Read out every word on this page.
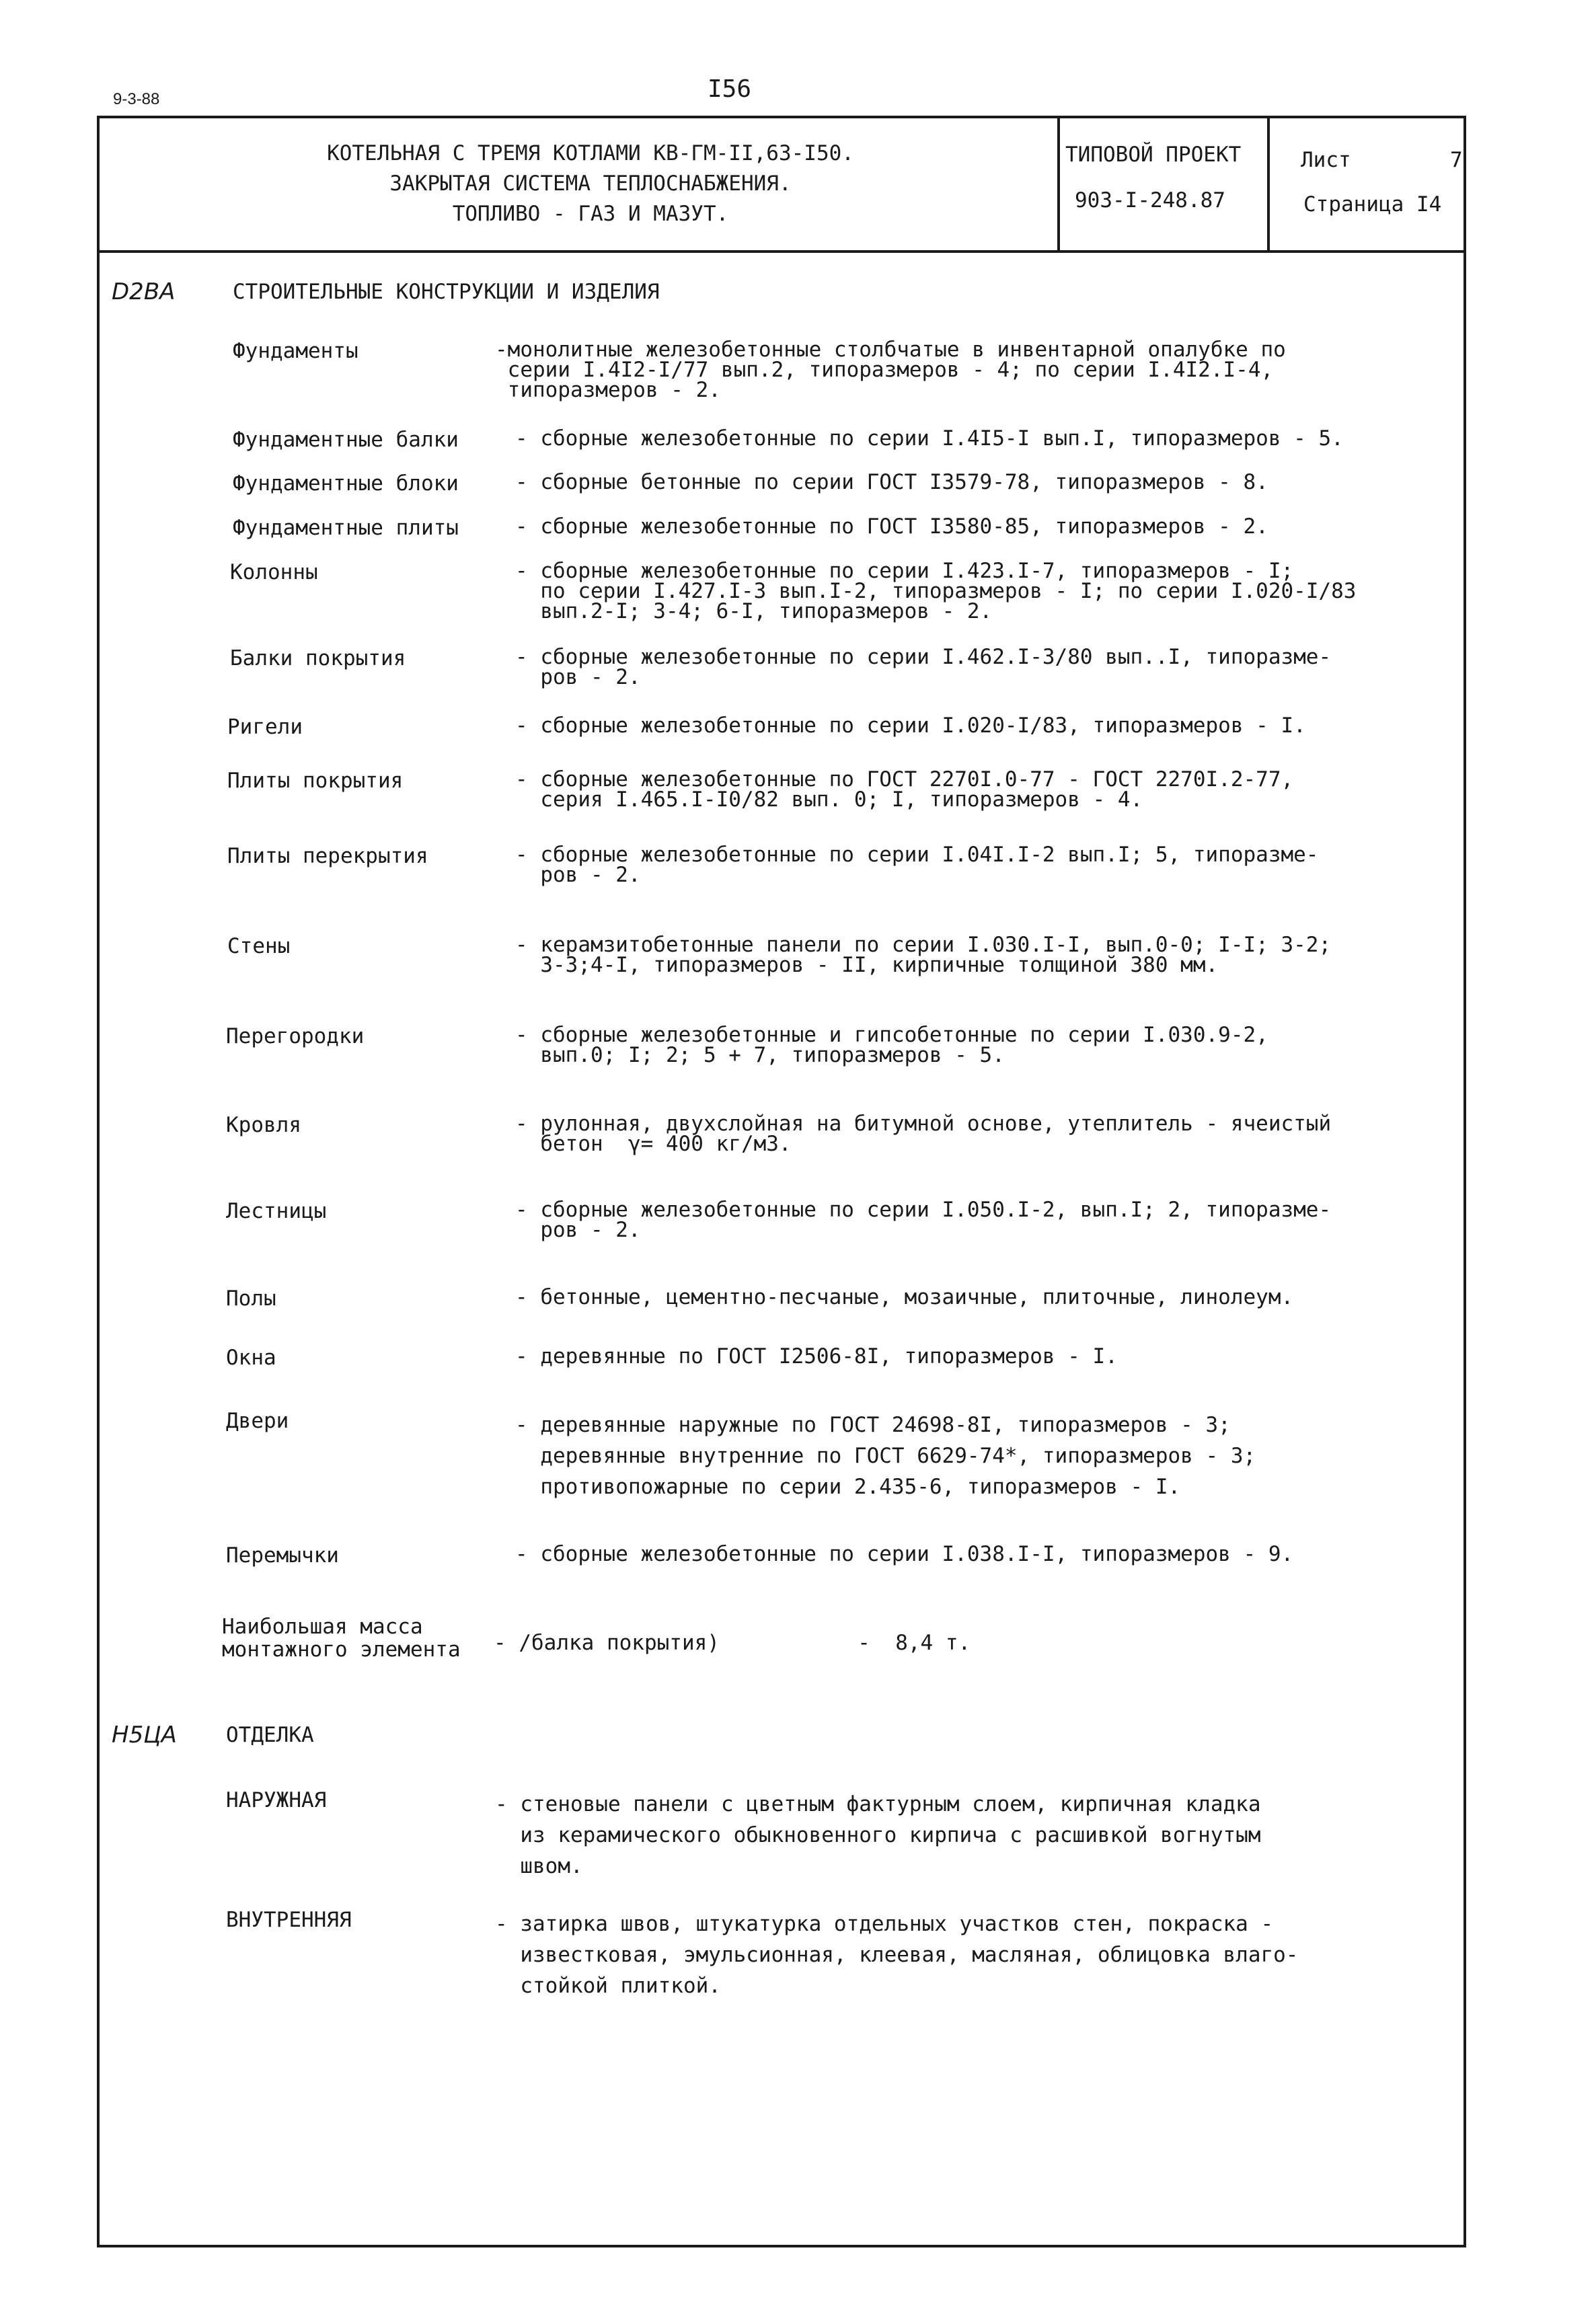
9-3-88	I56
КОТЕЛЬНАЯ С ТРЕМЯ КОТЛАМИ КВ-ГМ-II,63-I50.
ЗАКРЫТАЯ СИСТЕМА ТЕПЛОСНАБЖЕНИЯ.
ТОПЛИВО - ГАЗ И МАЗУТ.
ТИПОВОЙ ПРОЕКТ
903-I-248.87
Лист	7
Страница I4
D2BA	СТРОИТЕЛЬНЫЕ КОНСТРУКЦИИ И ИЗДЕЛИЯ
Фундаменты	-монолитные железобетонные столбчатые в инвентарной опалубке по
серии I.4I2-I/77 вып.2, типоразмеров - 4; по серии I.4I2.I-4,
типоразмеров - 2.
Фундаментные балки	- сборные железобетонные по серии I.4I5-I вып.I, типоразмеров - 5.
Фундаментные блоки	- сборные бетонные по серии ГОСТ I3579-78, типоразмеров - 8.
Фундаментные плиты	- сборные железобетонные по ГОСТ I3580-85, типоразмеров - 2.
Колонны	- сборные железобетонные по серии I.423.I-7, типоразмеров - I;
по серии I.427.I-3 вып.I-2, типоразмеров - I; по серии I.020-I/83
вып.2-I; 3-4; 6-I, типоразмеров - 2.
Балки покрытия	- сборные железобетонные по серии I.462.I-3/80 вып..I, типоразме-
ров - 2.
Ригели	- сборные железобетонные по серии I.020-I/83, типоразмеров - I.
Плиты покрытия	- сборные железобетонные по ГОСТ 2270I.0-77 - ГОСТ 2270I.2-77,
серия I.465.I-I0/82 вып. 0; I, типоразмеров - 4.
Плиты перекрытия	- сборные железобетонные по серии I.04I.I-2 вып.I; 5, типоразме-
ров - 2.
Стены	- керамзитобетонные панели по серии I.030.I-I, вып.0-0; I-I; 3-2;
3-3;4-I, типоразмеров - II, кирпичные толщиной 380 мм.
Перегородки	- сборные железобетонные и гипсобетонные по серии I.030.9-2,
вып.0; I; 2; 5 + 7, типоразмеров - 5.
Кровля	- рулонная, двухслойная на битумной основе, утеплитель - ячеистый
бетон  γ= 400 кг/м3.
Лестницы	- сборные железобетонные по серии I.050.I-2, вып.I; 2, типоразме-
ров - 2.
Полы	- бетонные, цементно-песчаные, мозаичные, плиточные, линолеум.
Окна	- деревянные по ГОСТ I2506-8I, типоразмеров - I.
Двери	- деревянные наружные по ГОСТ 24698-8I, типоразмеров - 3;
деревянные внутренние по ГОСТ 6629-74*, типоразмеров - 3;
противопожарные по серии 2.435-6, типоразмеров - I.
Перемычки	- сборные железобетонные по серии I.038.I-I, типоразмеров - 9.
Наибольшая масса
монтажного элемента - /балка покрытия)           -  8,4 т.
H5ЦA ОТДЕЛКА
НАРУЖНАЯ	- стеновые панели с цветным фактурным слоем, кирпичная кладка
из керамического обыкновенного кирпича с расшивкой вогнутым
швом.
ВНУТРЕННЯЯ	- затирка швов, штукатурка отдельных участков стен, покраска -
известковая, эмульсионная, клеевая, масляная, облицовка влаго-
стойкой плиткой.
